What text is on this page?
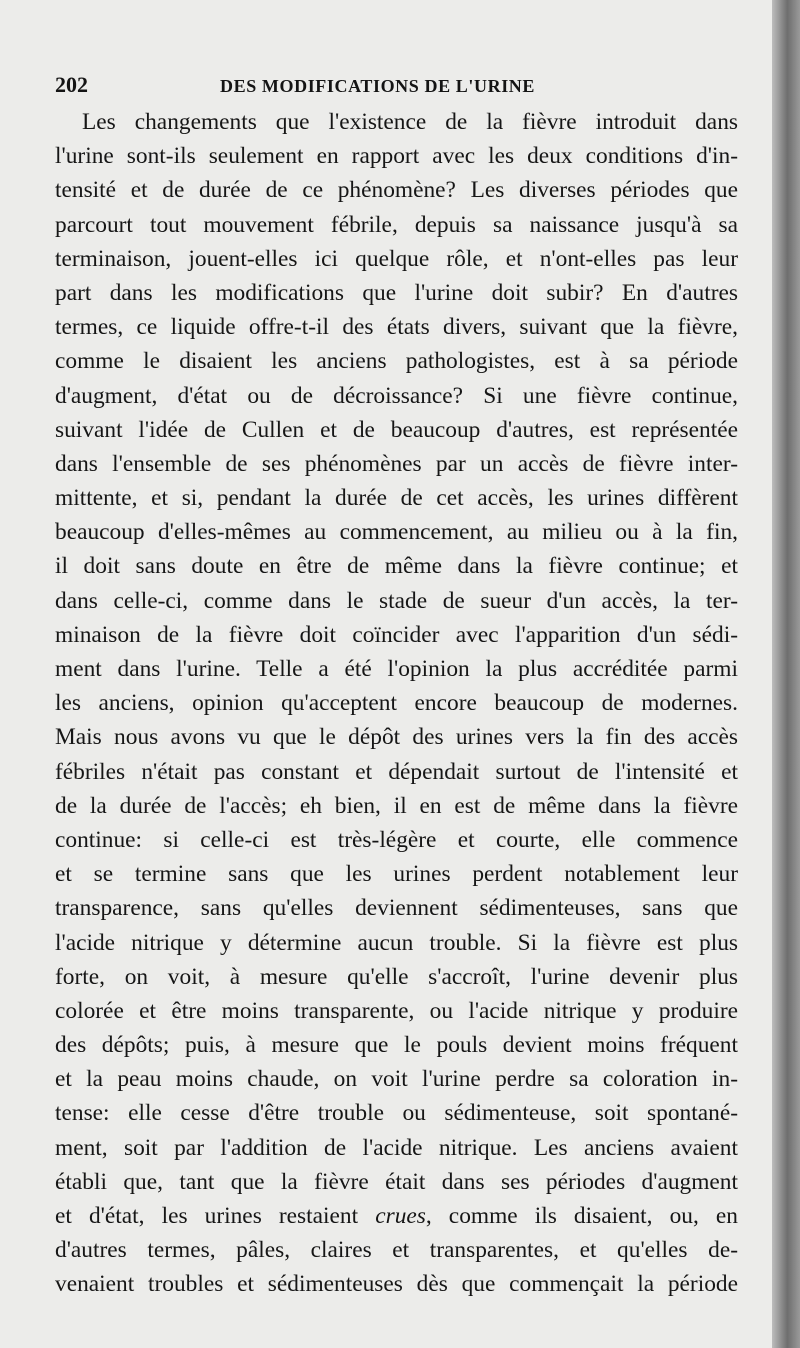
202	DES MODIFICATIONS DE L'URINE
Les changements que l'existence de la fièvre introduit dans
l'urine sont-ils seulement en rapport avec les deux conditions d'in-
tensité et de durée de ce phénomène? Les diverses périodes que
parcourt tout mouvement fébrile, depuis sa naissance jusqu'à sa
terminaison, jouent-elles ici quelque rôle, et n'ont-elles pas leur
part dans les modifications que l'urine doit subir? En d'autres
termes, ce liquide offre-t-il des états divers, suivant que la fièvre,
comme le disaient les anciens pathologistes, est à sa période
d'augment, d'état ou de décroissance? Si une fièvre continue,
suivant l'idée de Cullen et de beaucoup d'autres, est représentée
dans l'ensemble de ses phénomènes par un accès de fièvre inter-
mittente, et si, pendant la durée de cet accès, les urines diffèrent
beaucoup d'elles-mêmes au commencement, au milieu ou à la fin,
il doit sans doute en être de même dans la fièvre continue; et
dans celle-ci, comme dans le stade de sueur d'un accès, la ter-
minaison de la fièvre doit coïncider avec l'apparition d'un sédi-
ment dans l'urine. Telle a été l'opinion la plus accréditée parmi
les anciens, opinion qu'acceptent encore beaucoup de modernes.
Mais nous avons vu que le dépôt des urines vers la fin des accès
fébriles n'était pas constant et dépendait surtout de l'intensité et
de la durée de l'accès; eh bien, il en est de même dans la fièvre
continue: si celle-ci est très-légère et courte, elle commence
et se termine sans que les urines perdent notablement leur
transparence, sans qu'elles deviennent sédimenteuses, sans que
l'acide nitrique y détermine aucun trouble. Si la fièvre est plus
forte, on voit, à mesure qu'elle s'accroît, l'urine devenir plus
colorée et être moins transparente, ou l'acide nitrique y produire
des dépôts; puis, à mesure que le pouls devient moins fréquent
et la peau moins chaude, on voit l'urine perdre sa coloration in-
tense: elle cesse d'être trouble ou sédimenteuse, soit spontané-
ment, soit par l'addition de l'acide nitrique. Les anciens avaient
établi que, tant que la fièvre était dans ses périodes d'augment
et d'état, les urines restaient crues, comme ils disaient, ou, en
d'autres termes, pâles, claires et transparentes, et qu'elles de-
venaient troubles et sédimenteuses dès que commençait la période
